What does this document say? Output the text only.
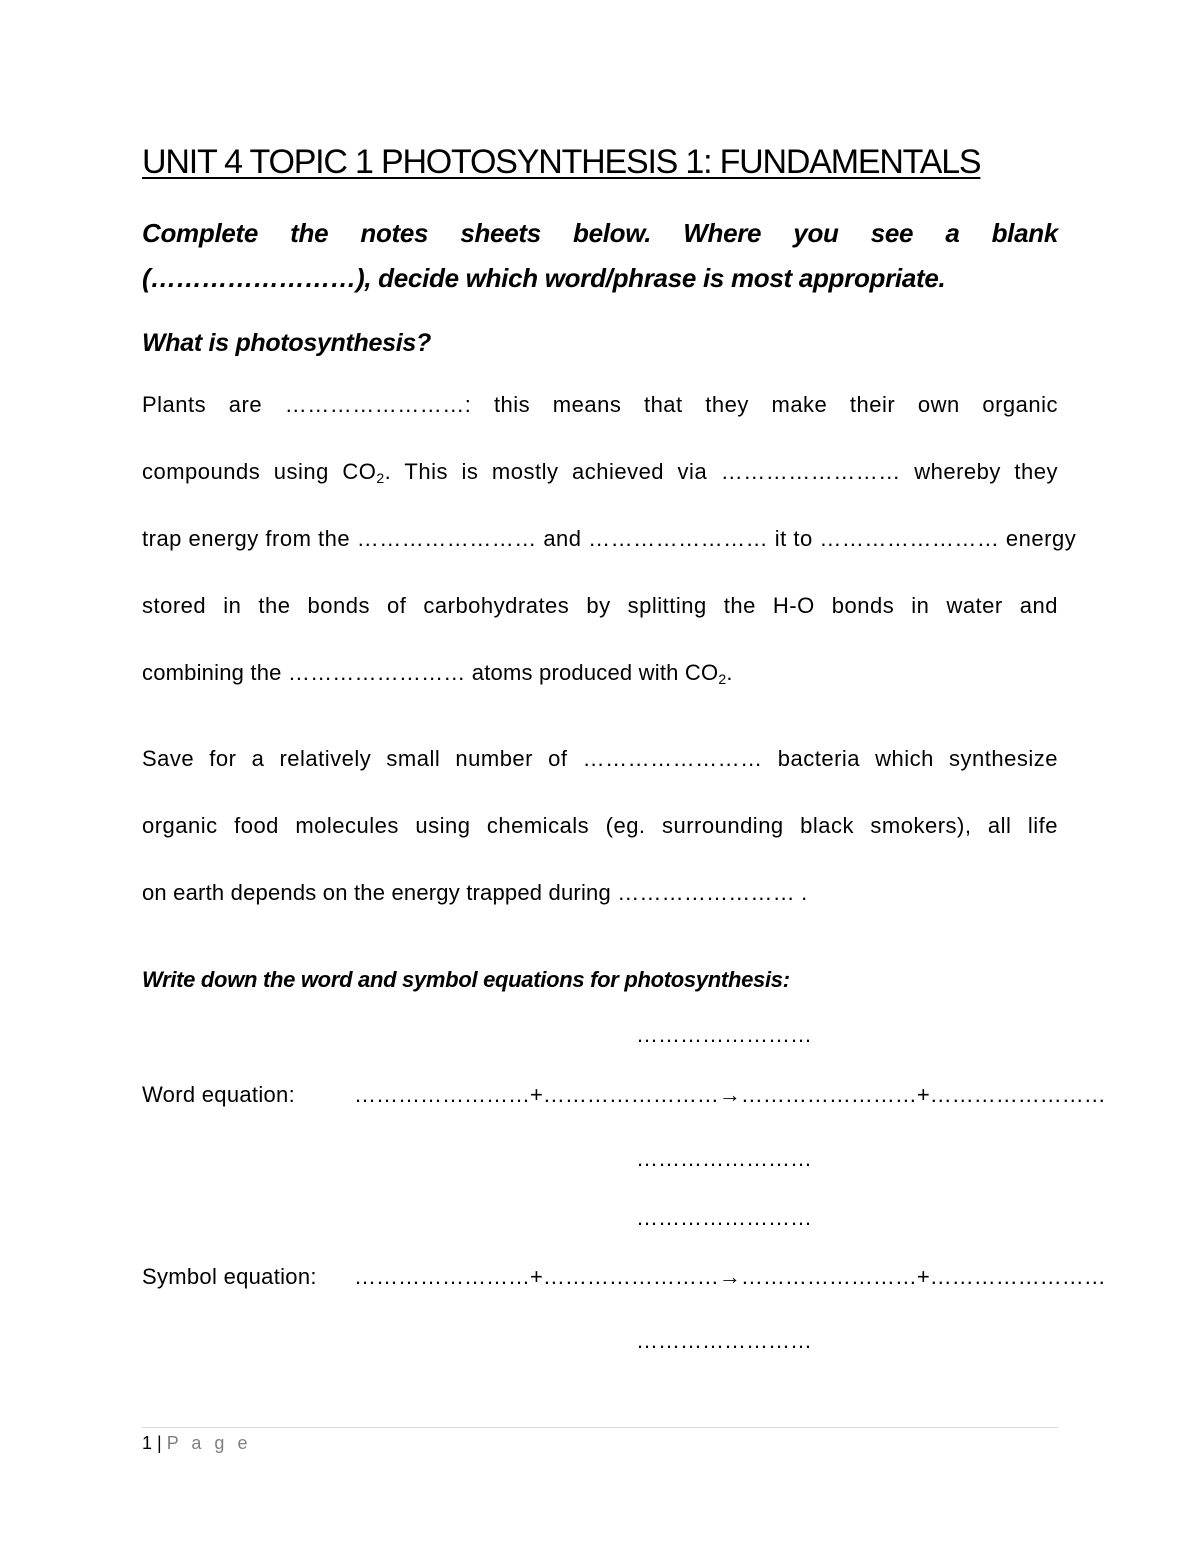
UNIT 4 TOPIC 1 PHOTOSYNTHESIS 1: FUNDAMENTALS
Complete the notes sheets below. Where you see a blank
(……………………), decide which word/phrase is most appropriate.
What is photosynthesis?
Plants are ……………………: this means that they make their own organic
compounds using $CO_2$. This is mostly achieved via …………………… whereby they
trap energy from the …………………… and …………………… it to …………………… energy
stored in the bonds of carbohydrates by splitting the H-O bonds in water and
combining the …………………… atoms produced with $CO_2$.
Save for a relatively small number of …………………… bacteria which synthesize
organic food molecules using chemicals (eg. surrounding black smokers), all life
on earth depends on the energy trapped during …………………… .
Write down the word and symbol equations for photosynthesis:
……………………
Word equation:	……………………+……………………→……………………+……………………
……………………
……………………
Symbol equation: ……………………+……………………→……………………+……………………
……………………
1 | P a g e
